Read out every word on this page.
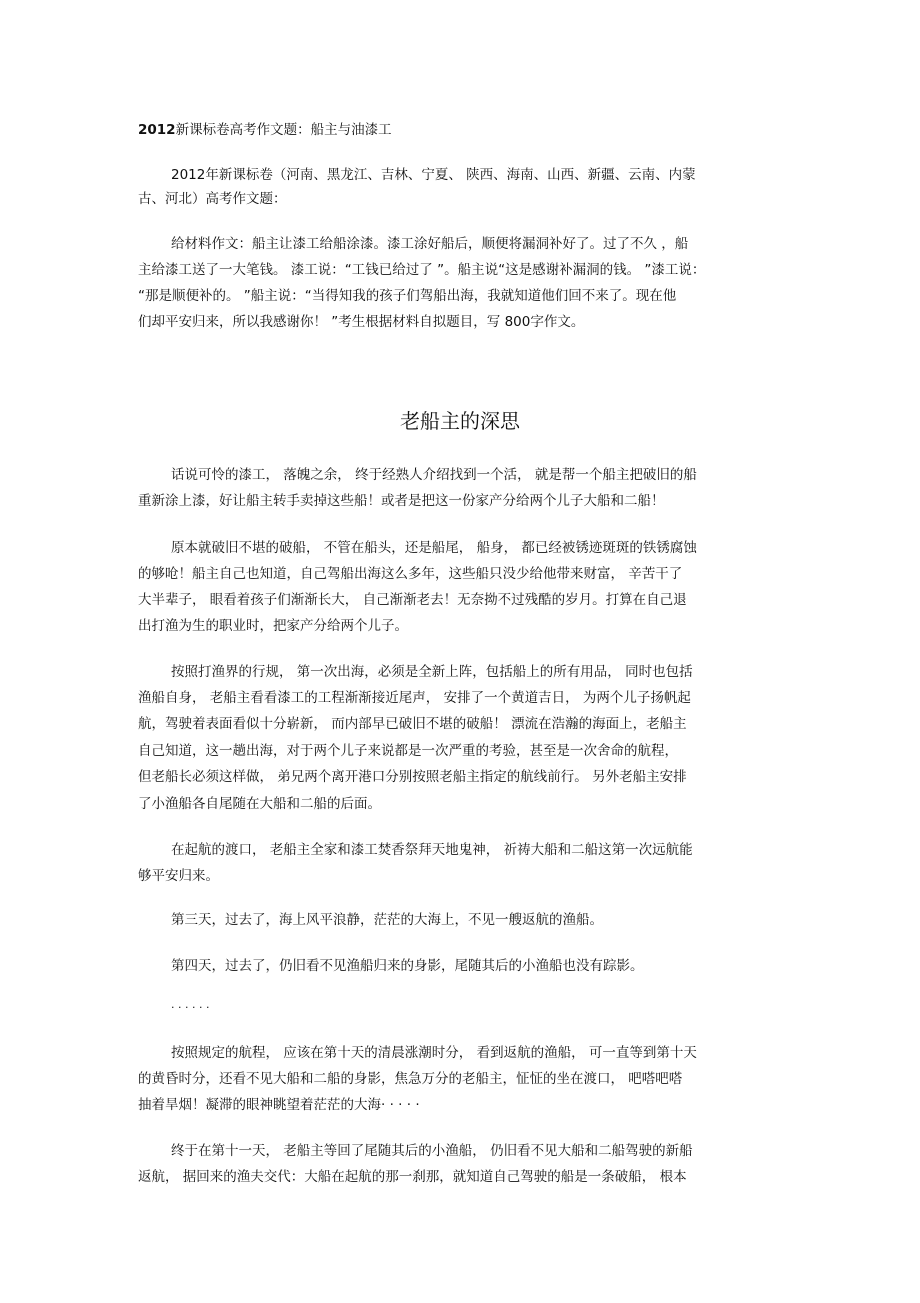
2012新课标卷高考作文题：船主与油漆工
2012年新课标卷（河南、黑龙江、吉林、宁夏、 陕西、海南、山西、新疆、云南、内蒙
古、河北）高考作文题：
给材料作文：船主让漆工给船涂漆。漆工涂好船后，顺便将漏洞补好了。过了不久 ，船
主给漆工送了一大笔钱。 漆工说：“工钱已给过了 ”。船主说“这是感谢补漏洞的钱。 ”漆工说：
“那是顺便补的。 ”船主说：“当得知我的孩子们驾船出海，我就知道他们回不来了。现在他
们却平安归来，所以我感谢你！ ”考生根据材料自拟题目，写 800字作文。
老船主的深思
话说可怜的漆工， 落魄之余， 终于经熟人介绍找到一个活， 就是帮一个船主把破旧的船
重新涂上漆，好让船主转手卖掉这些船！或者是把这一份家产分给两个儿子大船和二船！
原本就破旧不堪的破船， 不管在船头，还是船尾， 船身， 都已经被锈迹斑斑的铁锈腐蚀
的够呛！船主自己也知道，自己驾船出海这么多年，这些船只没少给他带来财富， 辛苦干了
大半辈子， 眼看着孩子们渐渐长大， 自己渐渐老去！无奈拗不过残酷的岁月。打算在自己退
出打渔为生的职业时，把家产分给两个儿子。
按照打渔界的行规， 第一次出海，必须是全新上阵，包括船上的所有用品， 同时也包括
渔船自身， 老船主看看漆工的工程渐渐接近尾声， 安排了一个黄道吉日， 为两个儿子扬帆起
航，驾驶着表面看似十分崭新， 而内部早已破旧不堪的破船！ 漂流在浩瀚的海面上，老船主
自己知道，这一趟出海，对于两个儿子来说都是一次严重的考验，甚至是一次舍命的航程，
但老船长必须这样做， 弟兄两个离开港口分别按照老船主指定的航线前行。 另外老船主安排
了小渔船各自尾随在大船和二船的后面。
在起航的渡口， 老船主全家和漆工焚香祭拜天地鬼神， 祈祷大船和二船这第一次远航能
够平安归来。
第三天，过去了，海上风平浪静，茫茫的大海上，不见一艘返航的渔船。
第四天，过去了，仍旧看不见渔船归来的身影，尾随其后的小渔船也没有踪影。
· · · · · ·
按照规定的航程， 应该在第十天的清晨涨潮时分， 看到返航的渔船， 可一直等到第十天
的黄昏时分，还看不见大船和二船的身影，焦急万分的老船主，怔怔的坐在渡口， 吧嗒吧嗒
抽着旱烟！凝滞的眼神眺望着茫茫的大海· · · · ·
终于在第十一天， 老船主等回了尾随其后的小渔船， 仍旧看不见大船和二船驾驶的新船
返航， 据回来的渔夫交代：大船在起航的那一刹那，就知道自己驾驶的船是一条破船， 根本
